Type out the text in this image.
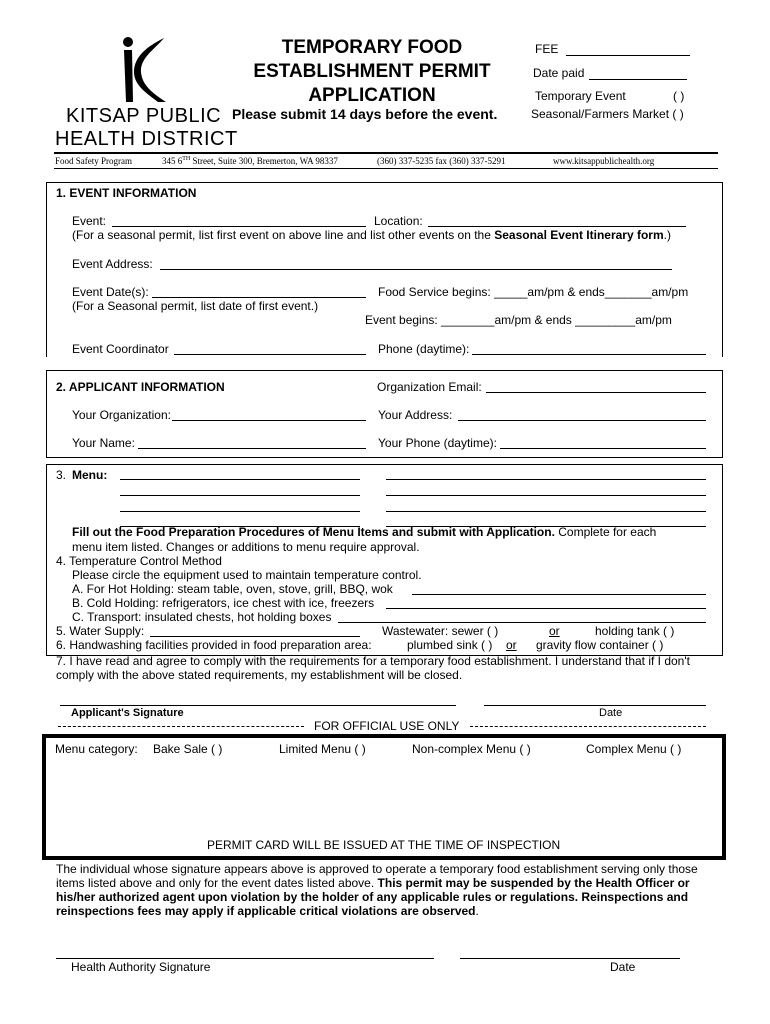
KITSAP PUBLIC
HEALTH DISTRICT
TEMPORARY FOOD
ESTABLISHMENT PERMIT
APPLICATION
Please submit 14 days before the event.
FEE
Date paid
Temporary Event	( )
Seasonal/Farmers Market ( )
Food Safety Program	345 6TH Street, Suite 300, Bremerton, WA 98337	(360) 337-5235 fax (360) 337-5291	www.kitsappublichealth.org
1. EVENT INFORMATION
Event:	Location:
(For a seasonal permit, list first event on above line and list other events on the Seasonal Event Itinerary form.)
Event Address:
Event Date(s):
(For a Seasonal permit, list date of first event.)
Food Service begins: _____am/pm & ends_______am/pm
Event begins: ________am/pm & ends _________am/pm
Event Coordinator	Phone (daytime):
2. APPLICANT INFORMATION	Organization Email:
Your Organization:	Your Address:
Your Name:	Your Phone (daytime):
3. Menu:
Fill out the Food Preparation Procedures of Menu Items and submit with Application. Complete for each
menu item listed. Changes or additions to menu require approval.
4. Temperature Control Method
Please circle the equipment used to maintain temperature control.
A. For Hot Holding: steam table, oven, stove, grill, BBQ, wok
B. Cold Holding: refrigerators, ice chest with ice, freezers
C. Transport: insulated chests, hot holding boxes
5. Water Supply:	Wastewater: sewer ( )	or	holding tank ( )
6. Handwashing facilities provided in food preparation area:	plumbed sink ( ) or gravity flow container ( )
7. I have read and agree to comply with the requirements for a temporary food establishment. I understand that if I don't
comply with the above stated requirements, my establishment will be closed.
Applicant's Signature	Date
FOR OFFICIAL USE ONLY
Menu category: Bake Sale ( )	Limited Menu ( )	Non-complex Menu ( )	Complex Menu ( )
PERMIT CARD WILL BE ISSUED AT THE TIME OF INSPECTION
The individual whose signature appears above is approved to operate a temporary food establishment serving only those
items listed above and only for the event dates listed above. This permit may be suspended by the Health Officer or
his/her authorized agent upon violation by the holder of any applicable rules or regulations. Reinspections and
reinspections fees may apply if applicable critical violations are observed.
Health Authority Signature	Date
